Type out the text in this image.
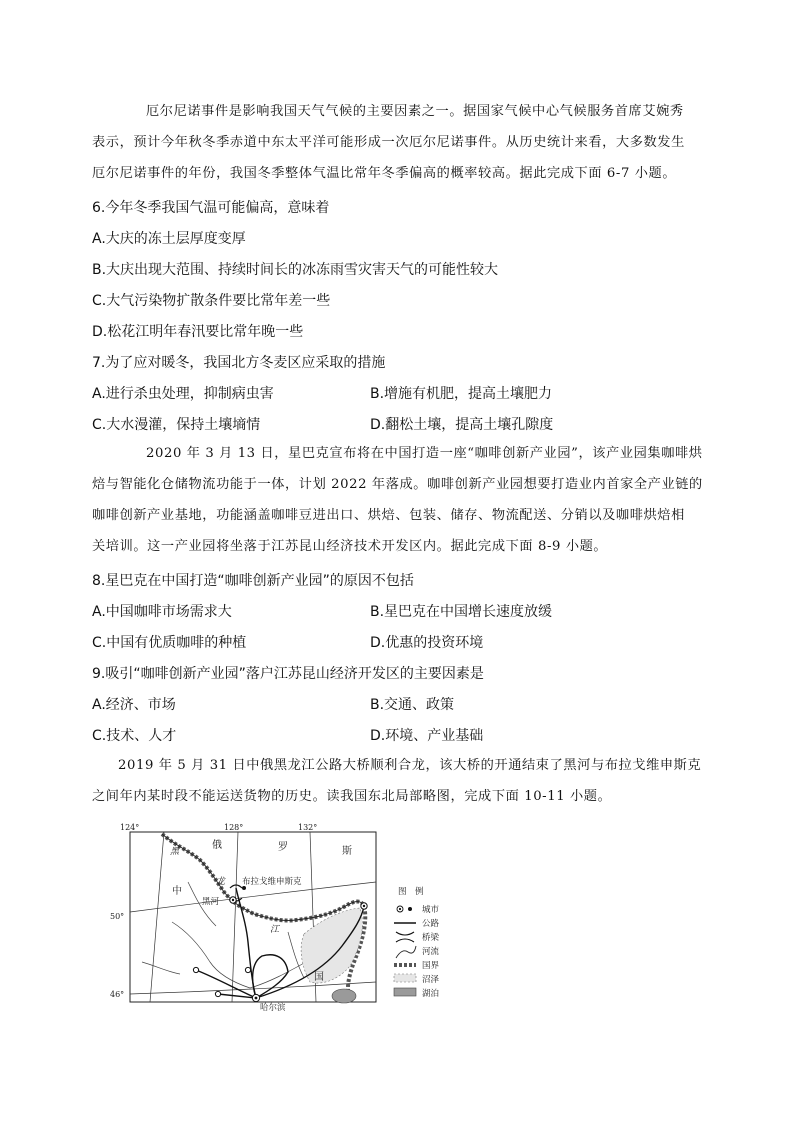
厄尔尼诺事件是影响我国天气气候的主要因素之一。据国家气候中心气候服务首席艾婉秀
表示，预计今年秋冬季赤道中东太平洋可能形成一次厄尔尼诺事件。从历史统计来看，大多数发生
厄尔尼诺事件的年份，我国冬季整体气温比常年冬季偏高的概率较高。据此完成下面 6-7 小题。
6.今年冬季我国气温可能偏高，意味着
A.大庆的冻土层厚度变厚
B.大庆出现大范围、持续时间长的冰冻雨雪灾害天气的可能性较大
C.大气污染物扩散条件要比常年差一些
D.松花江明年春汛要比常年晚一些
7.为了应对暖冬，我国北方冬麦区应采取的措施
A.进行杀虫处理，抑制病虫害	B.增施有机肥，提高土壤肥力
C.大水漫灌，保持土壤墒情	D.翻松土壤，提高土壤孔隙度
2020 年 3 月 13 日，星巴克宣布将在中国打造一座“咖啡创新产业园”，该产业园集咖啡烘
焙与智能化仓储物流功能于一体，计划 2022 年落成。咖啡创新产业园想要打造业内首家全产业链的
咖啡创新产业基地，功能涵盖咖啡豆进出口、烘焙、包装、储存、物流配送、分销以及咖啡烘焙相
关培训。这一产业园将坐落于江苏昆山经济技术开发区内。据此完成下面 8-9 小题。
8.星巴克在中国打造“咖啡创新产业园”的原因不包括
A.中国咖啡市场需求大	B.星巴克在中国增长速度放缓
C.中国有优质咖啡的种植	D.优惠的投资环境
9.吸引“咖啡创新产业园”落户江苏昆山经济开发区的主要因素是
A.经济、市场	B.交通、政策
C.技术、人才	D.环境、产业基础
2019 年 5 月 31 日中俄黑龙江公路大桥顺利合龙，该大桥的开通结束了黑河与布拉戈维申斯克
之间年内某时段不能运送货物的历史。读我国东北局部略图，完成下面 10-11 小题。
124°	128°	132°
50°
46°
黑
俄	罗	斯
中
龙
江
国
布拉戈维申斯克
黑河
哈尔滨
图　例
城市
公路
桥梁
河流
国界
沼泽
湖泊
